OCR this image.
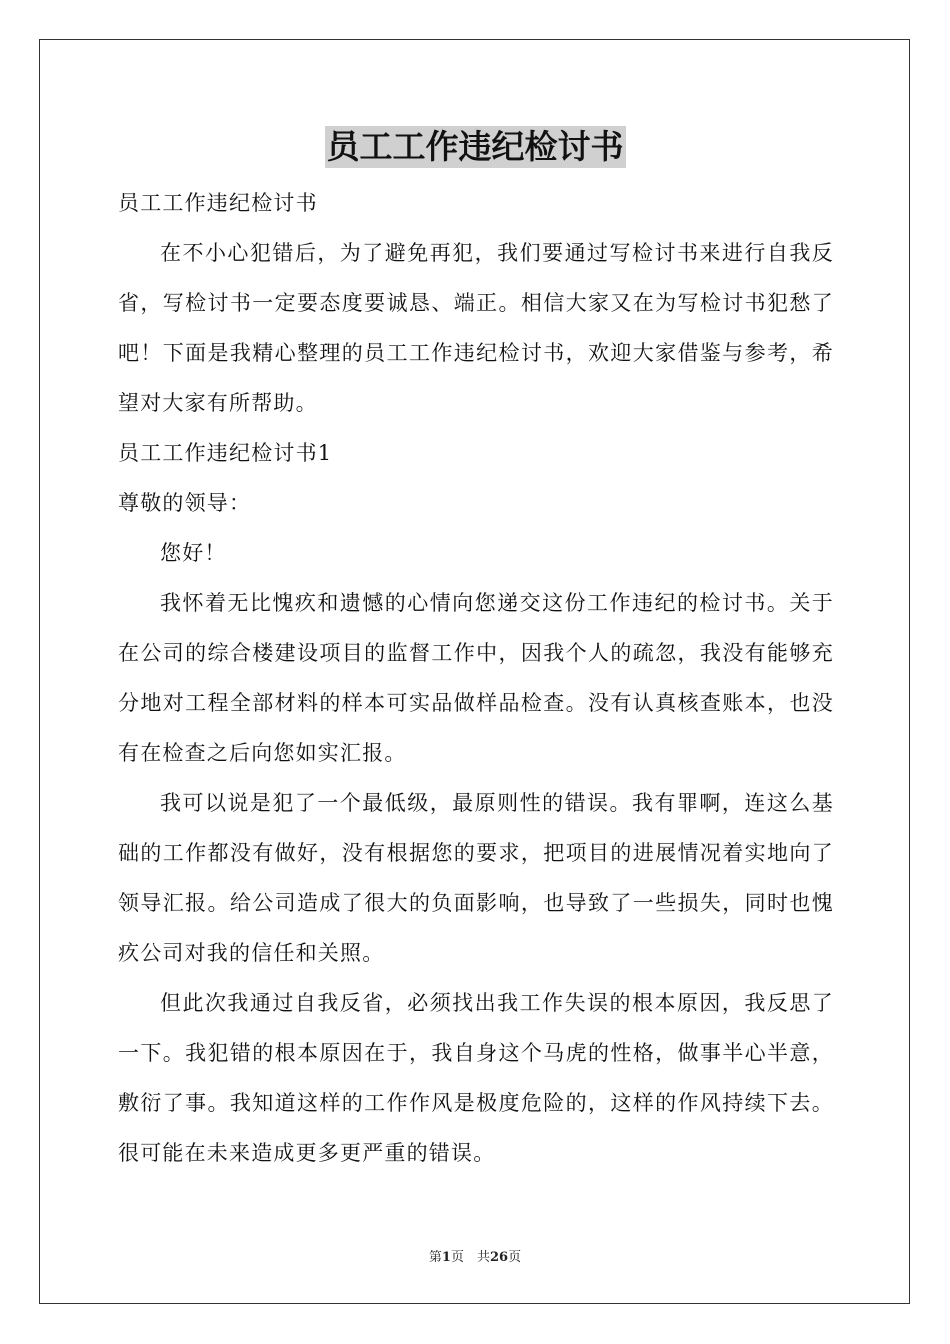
员工工作违纪检讨书

员工工作违纪检讨书

在不小心犯错后，为了避免再犯，我们要通过写检讨书来进行自我反省，写检讨书一定要态度要诚恳、端正。相信大家又在为写检讨书犯愁了吧！下面是我精心整理的员工工作违纪检讨书，欢迎大家借鉴与参考，希望对大家有所帮助。

员工工作违纪检讨书1

尊敬的领导：

您好！

我怀着无比愧疚和遗憾的心情向您递交这份工作违纪的检讨书。关于在公司的综合楼建设项目的监督工作中，因我个人的疏忽，我没有能够充分地对工程全部材料的样本可实品做样品检查。没有认真核查账本，也没有在检查之后向您如实汇报。

我可以说是犯了一个最低级，最原则性的错误。我有罪啊，连这么基础的工作都没有做好，没有根据您的要求，把项目的进展情况着实地向了领导汇报。给公司造成了很大的负面影响，也导致了一些损失，同时也愧疚公司对我的信任和关照。

但此次我通过自我反省，必须找出我工作失误的根本原因，我反思了一下。我犯错的根本原因在于，我自身这个马虎的性格，做事半心半意，敷衍了事。我知道这样的工作作风是极度危险的，这样的作风持续下去。很可能在未来造成更多更严重的错误。

第1页　共26页
